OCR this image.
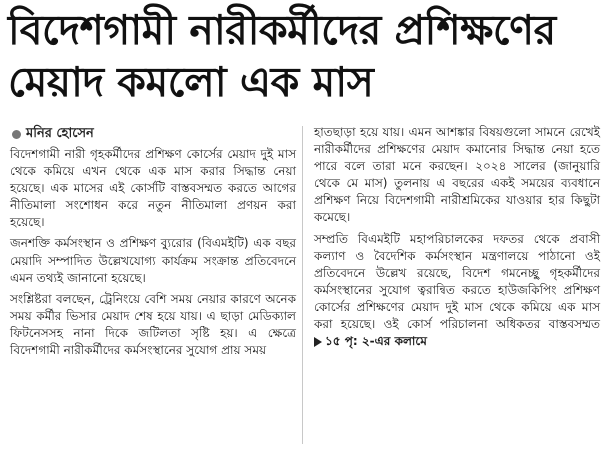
বিদেশগামী নারীকর্মীদের প্রশিক্ষণের
মেয়াদ কমলো এক মাস
মনির হোসেন

বিদেশগামী নারী গৃহকর্মীদের প্রশিক্ষণ কোর্সের মেয়াদ দুই মাস থেকে কমিয়ে এখন থেকে এক মাস করার সিদ্ধান্ত নেয়া হয়েছে। এক মাসের এই কোর্সটি বাস্তবসম্মত করতে আগের নীতিমালা সংশোধন করে নতুন নীতিমালা প্রণয়ন করা হয়েছে।

জনশক্তি কর্মসংস্থান ও প্রশিক্ষণ ব্যুরোর (বিএমইটি) এক বছর মেয়াদি সম্পাদিত উল্লেখযোগ্য কার্যক্রম সংক্রান্ত প্রতিবেদনে এমন তথ্যই জানানো হয়েছে।

সংশ্লিষ্টরা বলছেন, ট্রেনিংয়ে বেশি সময় নেয়ার কারণে অনেক সময় কর্মীর ভিসার মেয়াদ শেষ হয়ে যায়। এ ছাড়া মেডিক্যাল ফিটনেসসহ নানা দিকে জটিলতা সৃষ্টি হয়। এ ক্ষেত্রে বিদেশগামী নারীকর্মীদের কর্মসংস্থানের সুযোগ প্রায় সময়

হাতছাড়া হয়ে যায়। এমন আশঙ্কার বিষয়গুলো সামনে রেখেই নারীকর্মীদের প্রশিক্ষণের মেয়াদ কমানোর সিদ্ধান্ত নেয়া হতে পারে বলে তারা মনে করছেন। ২০২৪ সালের (জানুয়ারি থেকে মে মাস) তুলনায় এ বছরের একই সময়ের ব্যবধানে প্রশিক্ষণ নিয়ে বিদেশগামী নারীশ্রমিকের যাওয়ার হার কিছুটা কমেছে।

সম্প্রতি বিএমইটি মহাপরিচালকের দফতর থেকে প্রবাসী কল্যাণ ও বৈদেশিক কর্মসংস্থান মন্ত্রণালয়ে পাঠানো ওই প্রতিবেদনে উল্লেখ রয়েছে, বিদেশ গমনেচ্ছু গৃহকর্মীদের কর্মসংস্থানের সুযোগ ত্বরান্বিত করতে হাউজকিপিং প্রশিক্ষণ কোর্সের প্রশিক্ষণের মেয়াদ দুই মাস থেকে কমিয়ে এক মাস করা হয়েছে। ওই কোর্স পরিচালনা অধিকতর বাস্তবসম্মত
১৫ পৃ: ২-এর কলামে
